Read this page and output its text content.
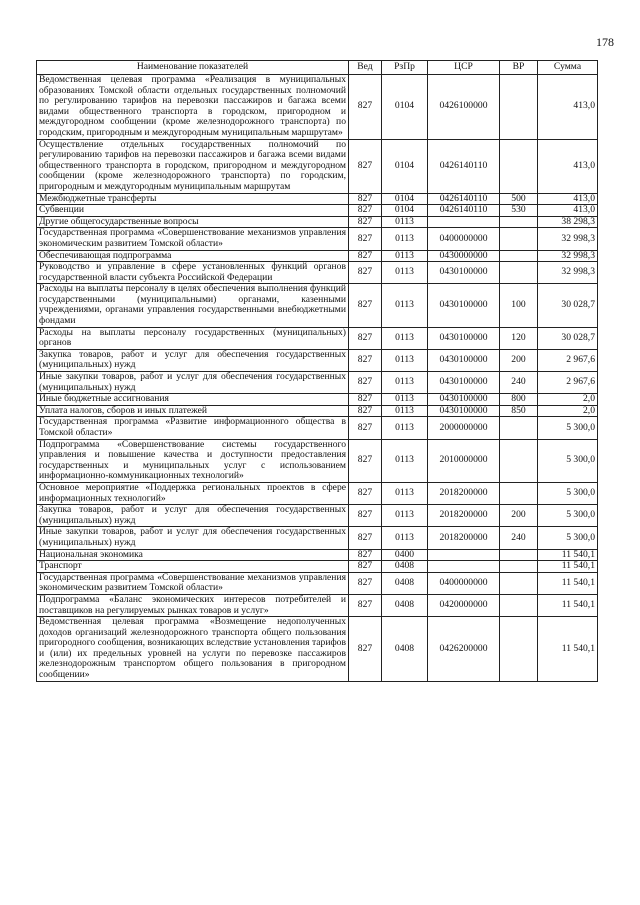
178
Наименование показателей	Вед	РзПр	ЦСР	ВР	Сумма
Ведомственная целевая программа «Реализация в муниципальных образованиях Томской области отдельных государственных полномочий по регулированию тарифов на перевозки пассажиров и багажа всеми видами общественного транспорта в городском, пригородном и междугородном сообщении (кроме железнодорожного транспорта) по городским, пригородным и междугородным муниципальным маршрутам»	827	0104	0426100000		413,0
Осуществление отдельных государственных полномочий по регулированию тарифов на перевозки пассажиров и багажа всеми видами общественного транспорта в городском, пригородном и междугородном сообщении (кроме железнодорожного транспорта) по городским, пригородным и междугородным муниципальным маршрутам	827	0104	0426140110		413,0
Межбюджетные трансферты	827	0104	0426140110	500	413,0
Субвенции	827	0104	0426140110	530	413,0
Другие общегосударственные вопросы	827	0113			38 298,3
Государственная программа «Совершенствование механизмов управления экономическим развитием Томской области»	827	0113	0400000000		32 998,3
Обеспечивающая подпрограмма	827	0113	0430000000		32 998,3
Руководство и управление в сфере установленных функций органов государственной власти субъекта Российской Федерации	827	0113	0430100000		32 998,3
Расходы на выплаты персоналу в целях обеспечения выполнения функций государственными (муниципальными) органами, казенными учреждениями, органами управления государственными внебюджетными фондами	827	0113	0430100000	100	30 028,7
Расходы на выплаты персоналу государственных (муниципальных) органов	827	0113	0430100000	120	30 028,7
Закупка товаров, работ и услуг для обеспечения государственных (муниципальных) нужд	827	0113	0430100000	200	2 967,6
Иные закупки товаров, работ и услуг для обеспечения государственных (муниципальных) нужд	827	0113	0430100000	240	2 967,6
Иные бюджетные ассигнования	827	0113	0430100000	800	2,0
Уплата налогов, сборов и иных платежей	827	0113	0430100000	850	2,0
Государственная программа «Развитие информационного общества в Томской области»	827	0113	2000000000		5 300,0
Подпрограмма «Совершенствование системы государственного управления и повышение качества и доступности предоставления государственных и муниципальных услуг с использованием информационно-коммуникационных технологий»	827	0113	2010000000		5 300,0
Основное мероприятие «Поддержка региональных проектов в сфере информационных технологий»	827	0113	2018200000		5 300,0
Закупка товаров, работ и услуг для обеспечения государственных (муниципальных) нужд	827	0113	2018200000	200	5 300,0
Иные закупки товаров, работ и услуг для обеспечения государственных (муниципальных) нужд	827	0113	2018200000	240	5 300,0
Национальная экономика	827	0400			11 540,1
Транспорт	827	0408			11 540,1
Государственная программа «Совершенствование механизмов управления экономическим развитием Томской области»	827	0408	0400000000		11 540,1
Подпрограмма «Баланс экономических интересов потребителей и поставщиков на регулируемых рынках товаров и услуг»	827	0408	0420000000		11 540,1
Ведомственная целевая программа «Возмещение недополученных доходов организаций железнодорожного транспорта общего пользования пригородного сообщения, возникающих вследствие установления тарифов и (или) их предельных уровней на услуги по перевозке пассажиров железнодорожным транспортом общего пользования в пригородном сообщении»	827	0408	0426200000		11 540,1
